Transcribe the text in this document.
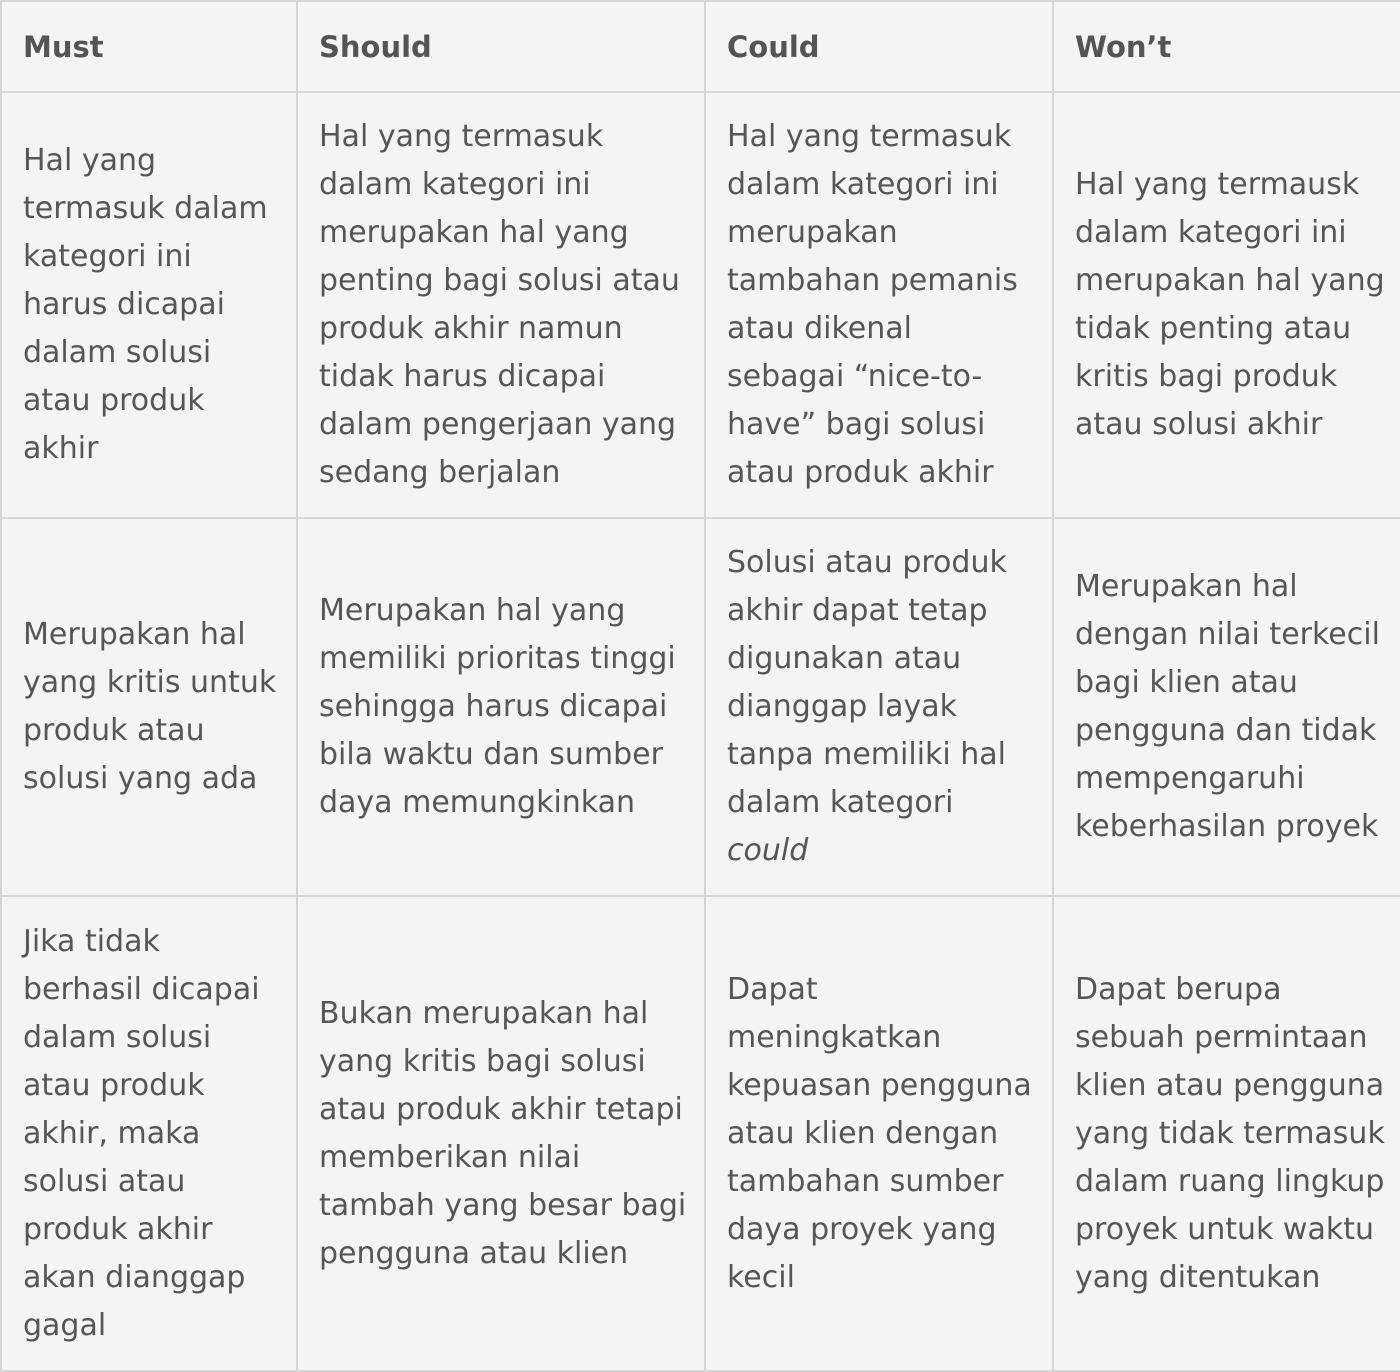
Must	Should	Could	Won’t
Hal yang termasuk dalam kategori ini harus dicapai dalam solusi atau produk akhir	Hal yang termasuk dalam kategori ini merupakan hal yang penting bagi solusi atau produk akhir namun tidak harus dicapai dalam pengerjaan yang sedang berjalan	Hal yang termasuk dalam kategori ini merupakan tambahan pemanis atau dikenal sebagai “nice-to-have” bagi solusi atau produk akhir	Hal yang termausk dalam kategori ini merupakan hal yang tidak penting atau kritis bagi produk atau solusi akhir
Merupakan hal yang kritis untuk produk atau solusi yang ada	Merupakan hal yang memiliki prioritas tinggi sehingga harus dicapai bila waktu dan sumber daya memungkinkan	Solusi atau produk akhir dapat tetap digunakan atau dianggap layak tanpa memiliki hal dalam kategori could	Merupakan hal dengan nilai terkecil bagi klien atau pengguna dan tidak mempengaruhi keberhasilan proyek
Jika tidak berhasil dicapai dalam solusi atau produk akhir, maka solusi atau produk akhir akan dianggap gagal	Bukan merupakan hal yang kritis bagi solusi atau produk akhir tetapi memberikan nilai tambah yang besar bagi pengguna atau klien	Dapat meningkatkan kepuasan pengguna atau klien dengan tambahan sumber daya proyek yang kecil	Dapat berupa sebuah permintaan klien atau pengguna yang tidak termasuk dalam ruang lingkup proyek untuk waktu yang ditentukan
